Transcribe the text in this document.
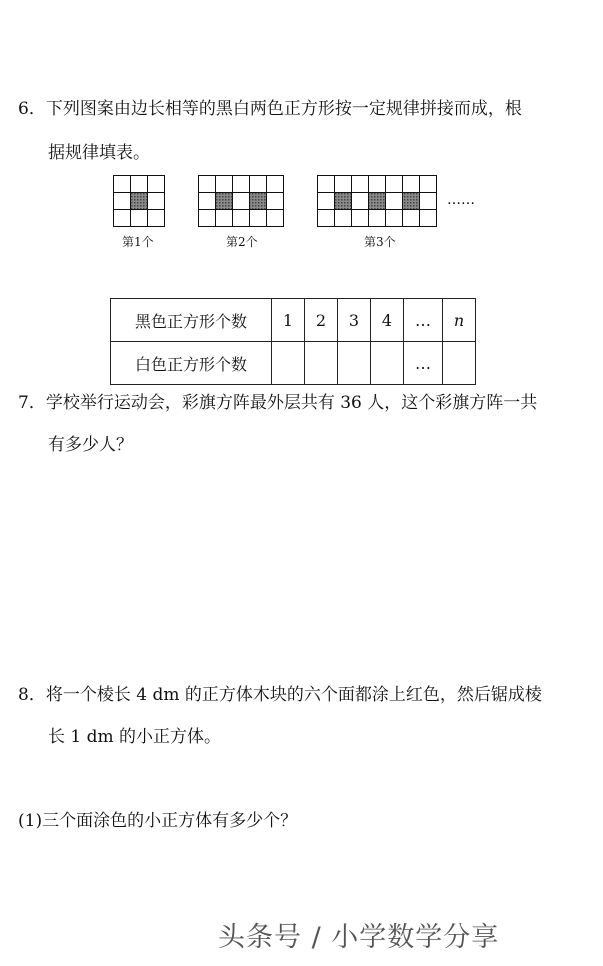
6．下列图案由边长相等的黑白两色正方形按一定规律拼接而成，根
据规律填表。
第1个	第2个	第3个
……
黑色正方形个数	1	2	3	4	…	n
白色正方形个数					…	
7．学校举行运动会，彩旗方阵最外层共有 36 人，这个彩旗方阵一共
有多少人？
8．将一个棱长 4 dm 的正方体木块的六个面都涂上红色，然后锯成棱
长 1 dm 的小正方体。
(1)三个面涂色的小正方体有多少个？
头条号 / 小学数学分享
